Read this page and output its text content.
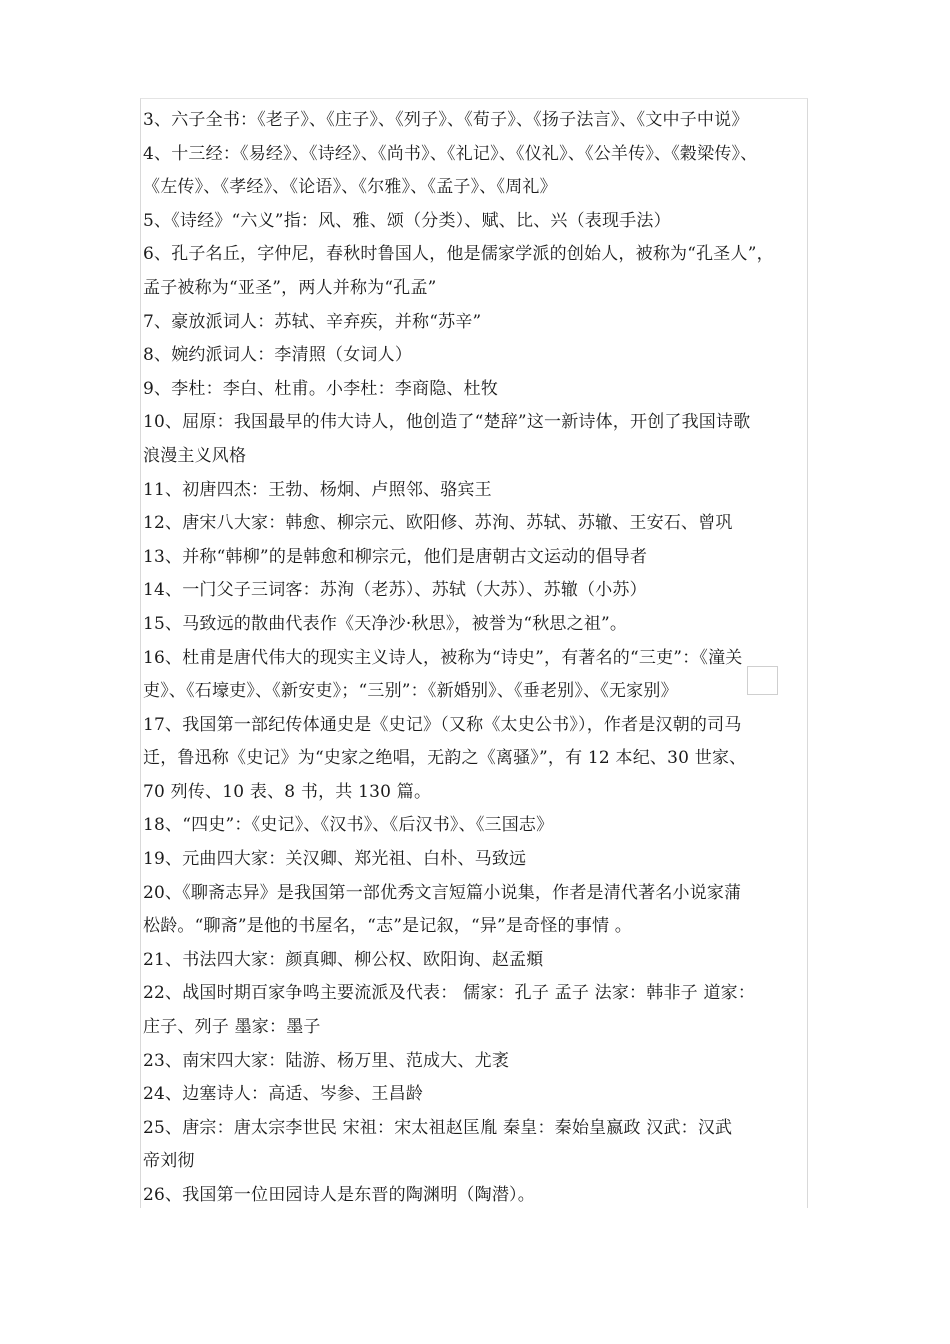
3、六子全书：《老子》、《庄子》、《列子》、《荀子》、《扬子法言》、《文中子中说》
4、十三经：《易经》、《诗经》、《尚书》、《礼记》、《仪礼》、《公羊传》、《穀梁传》、
《左传》、《孝经》、《论语》、《尔雅》、《孟子》、《周礼》
5、《诗经》“六义”指：风、雅、颂（分类）、赋、比、兴（表现手法）
6、孔子名丘，字仲尼，春秋时鲁国人，他是儒家学派的创始人，被称为“孔圣人”，
孟子被称为“亚圣”，两人并称为“孔孟”
7、豪放派词人：苏轼、辛弃疾，并称“苏辛”
8、婉约派词人：李清照（女词人）
9、李杜：李白、杜甫。小李杜：李商隐、杜牧
10、屈原：我国最早的伟大诗人，他创造了“楚辞”这一新诗体，开创了我国诗歌
浪漫主义风格
11、初唐四杰：王勃、杨炯、卢照邻、骆宾王
12、唐宋八大家：韩愈、柳宗元、欧阳修、苏洵、苏轼、苏辙、王安石、曾巩
13、并称“韩柳”的是韩愈和柳宗元，他们是唐朝古文运动的倡导者
14、一门父子三词客：苏洵（老苏）、苏轼（大苏）、苏辙（小苏）
15、马致远的散曲代表作《天净沙·秋思》，被誉为“秋思之祖”。
16、杜甫是唐代伟大的现实主义诗人，被称为“诗史”，有著名的“三吏”：《潼关
吏》、《石壕吏》、《新安吏》；“三别”：《新婚别》、《垂老别》、《无家别》
17、我国第一部纪传体通史是《史记》（又称《太史公书》），作者是汉朝的司马
迁，鲁迅称《史记》为“史家之绝唱，无韵之《离骚》”，有 12 本纪、30 世家、
70 列传、10 表、8 书，共 130 篇。
18、“四史”：《史记》、《汉书》、《后汉书》、《三国志》
19、元曲四大家：关汉卿、郑光祖、白朴、马致远
20、《聊斋志异》是我国第一部优秀文言短篇小说集，作者是清代著名小说家蒲
松龄。“聊斋”是他的书屋名，“志”是记叙，“异”是奇怪的事情 。
21、书法四大家：颜真卿、柳公权、欧阳询、赵孟頫
22、战国时期百家争鸣主要流派及代表： 儒家：孔子 孟子 法家：韩非子 道家：
庄子、列子 墨家：墨子
23、南宋四大家：陆游、杨万里、范成大、尤袤
24、边塞诗人：高适、岑参、王昌龄
25、唐宗：唐太宗李世民 宋祖：宋太祖赵匡胤 秦皇：秦始皇嬴政 汉武：汉武
帝刘彻
26、我国第一位田园诗人是东晋的陶渊明（陶潜）。
